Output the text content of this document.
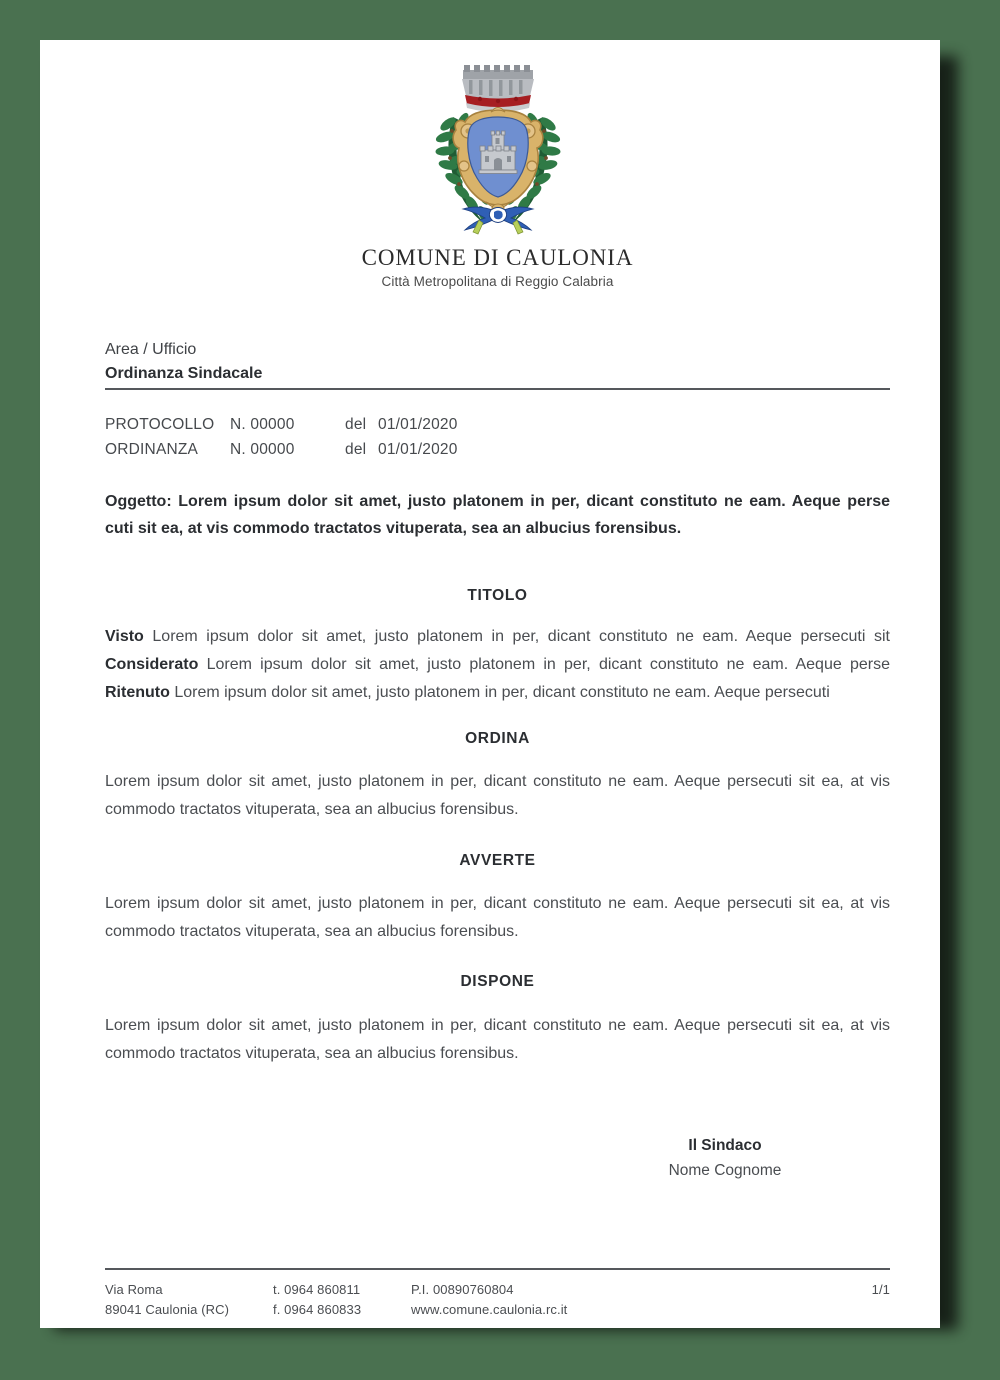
COMUNE DI CAULONIA
Città Metropolitana di Reggio Calabria
Area / Ufficio
Ordinanza Sindacale
PROTOCOLLO	N. 00000	del	01/01/2020
ORDINANZA	N. 00000	del	01/01/2020
Oggetto: Lorem ipsum dolor sit amet, justo platonem in per, dicant constituto ne eam. Aeque perse cuti sit ea, at vis commodo tractatos vituperata, sea an albucius forensibus.
TITOLO
Visto Lorem ipsum dolor sit amet, justo platonem in per, dicant constituto ne eam. Aeque persecuti sit Considerato Lorem ipsum dolor sit amet, justo platonem in per, dicant constituto ne eam. Aeque perse Ritenuto Lorem ipsum dolor sit amet, justo platonem in per, dicant constituto ne eam. Aeque persecuti
ORDINA
Lorem ipsum dolor sit amet, justo platonem in per, dicant constituto ne eam. Aeque persecuti sit ea, at vis commodo tractatos vituperata, sea an albucius forensibus.
AVVERTE
Lorem ipsum dolor sit amet, justo platonem in per, dicant constituto ne eam. Aeque persecuti sit ea, at vis commodo tractatos vituperata, sea an albucius forensibus.
DISPONE
Lorem ipsum dolor sit amet, justo platonem in per, dicant constituto ne eam. Aeque persecuti sit ea, at vis commodo tractatos vituperata, sea an albucius forensibus.
Il Sindaco
Nome Cognome
Via Roma	t. 0964 860811	P.I. 00890760804	1/1
89041 Caulonia (RC)	f. 0964 860833	www.comune.caulonia.rc.it	
